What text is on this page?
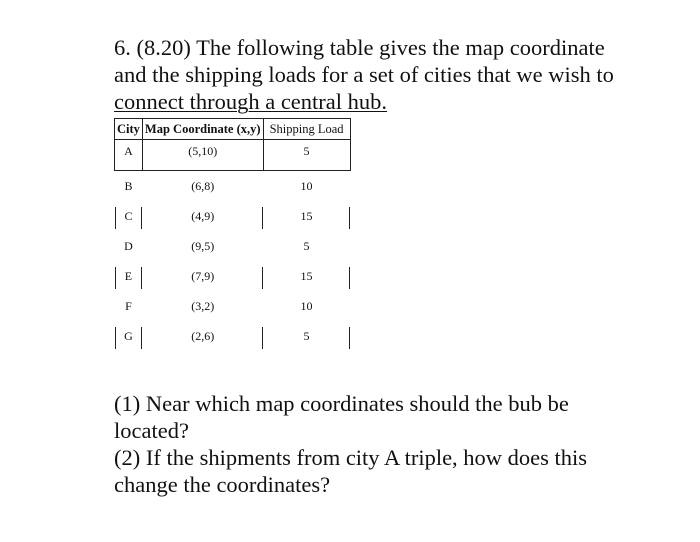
6. (8.20) The following table gives the map coordinate
and the shipping loads for a set of cities that we wish to
connect through a central hub.
City	Map Coordinate (x,y)	Shipping Load
A	(5,10)	5
B	(6,8)	10
C	(4,9)	15
D	(9,5)	5
E	(7,9)	15
F	(3,2)	10
G	(2,6)	5

(1) Near which map coordinates should the bub be

located?

(2) If the shipments from city A triple, how does this

change the coordinates?
